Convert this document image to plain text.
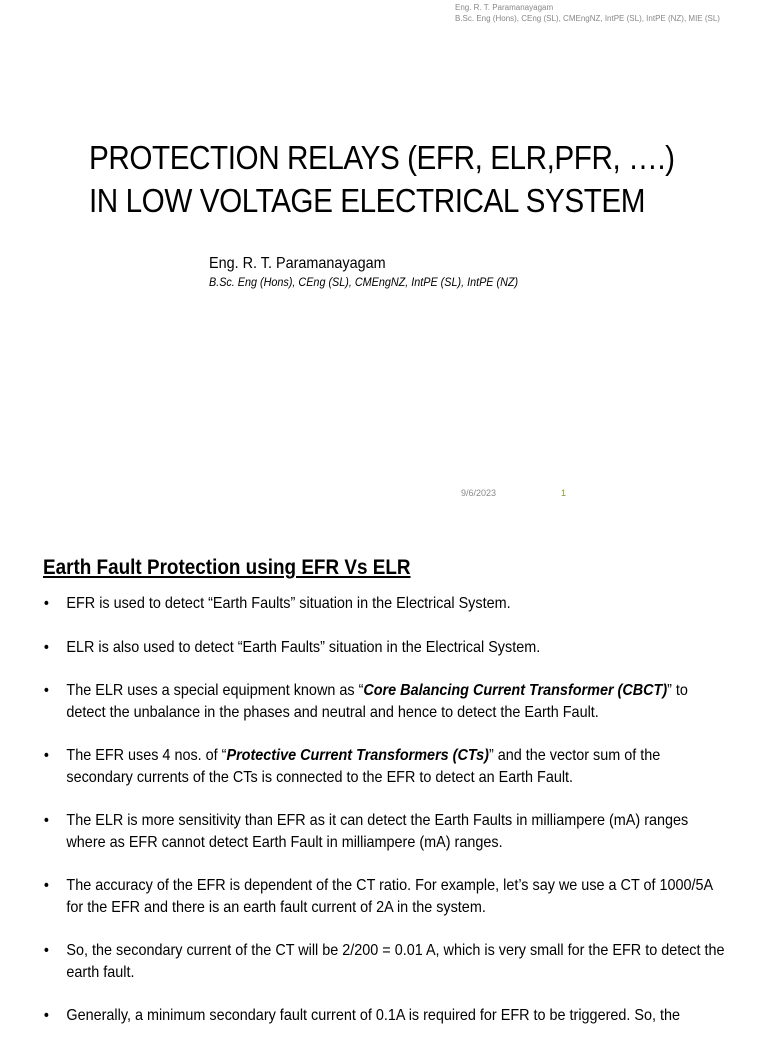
Eng. R. T. Paramanayagam
B.Sc. Eng (Hons), CEng (SL), CMEngNZ, IntPE (SL), IntPE (NZ), MIE (SL)
PROTECTION RELAYS (EFR, ELR,PFR, ….)
IN LOW VOLTAGE ELECTRICAL SYSTEM
Eng. R. T. Paramanayagam
B.Sc. Eng (Hons), CEng (SL), CMEngNZ, IntPE (SL), IntPE (NZ)
9/6/2023	1
Earth Fault Protection using EFR Vs ELR
• EFR is used to detect “Earth Faults” situation in the Electrical System.
• ELR is also used to detect “Earth Faults” situation in the Electrical System.
• The ELR uses a special equipment known as “Core Balancing Current Transformer (CBCT)” to detect the unbalance in the phases and neutral and hence to detect the Earth Fault.
• The EFR uses 4 nos. of “Protective Current Transformers (CTs)” and the vector sum of the secondary currents of the CTs is connected to the EFR to detect an Earth Fault.
• The ELR is more sensitivity than EFR as it can detect the Earth Faults in milliampere (mA) ranges where as EFR cannot detect Earth Fault in milliampere (mA) ranges.
• The accuracy of the EFR is dependent of the CT ratio. For example, let’s say we use a CT of 1000/5A for the EFR and there is an earth fault current of 2A in the system.
• So, the secondary current of the CT will be 2/200 = 0.01 A, which is very small for the EFR to detect the earth fault.
• Generally, a minimum secondary fault current of 0.1A is required for EFR to be triggered. So, the
